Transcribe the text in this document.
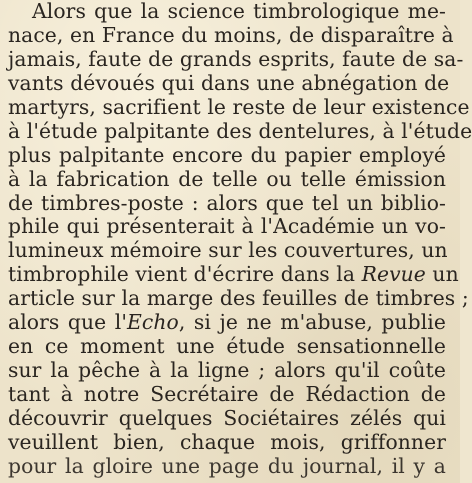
Alors que la science timbrologique me-
nace, en France du moins, de disparaître à
jamais, faute de grands esprits, faute de sa-
vants dévoués qui dans une abnégation de
martyrs, sacrifient le reste de leur existence
à l'étude palpitante des dentelures, à l'étude
plus palpitante encore du papier employé
à la fabrication de telle ou telle émission
de timbres-poste : alors que tel un biblio-
phile qui présenterait à l'Académie un vo-
lumineux mémoire sur les couvertures, un
timbrophile vient d'écrire dans la Revue un
article sur la marge des feuilles de timbres ;
alors que l'Echo, si je ne m'abuse, publie
en ce moment une étude sensationnelle
sur la pêche à la ligne ; alors qu'il coûte
tant à notre Secrétaire de Rédaction de
découvrir quelques Sociétaires zélés qui
veuillent bien, chaque mois, griffonner
pour la gloire une page du journal, il y a
